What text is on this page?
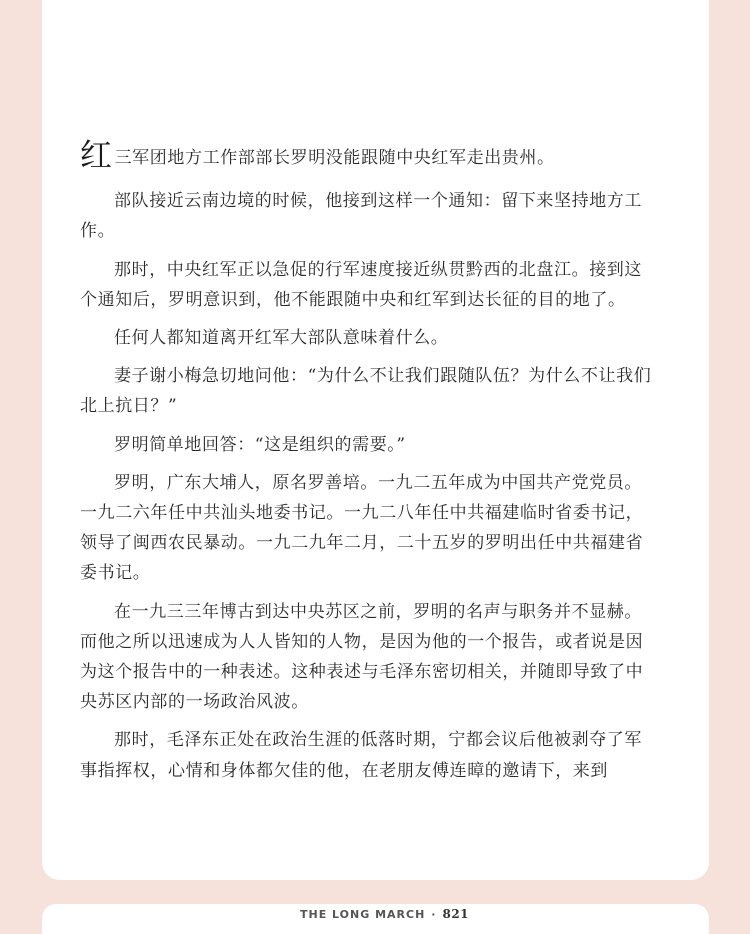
红三军团地方工作部部长罗明没能跟随中央红军走出贵州。

部队接近云南边境的时候，他接到这样一个通知：留下来坚持地方工作。

那时，中央红军正以急促的行军速度接近纵贯黔西的北盘江。接到这个通知后，罗明意识到，他不能跟随中央和红军到达长征的目的地了。

任何人都知道离开红军大部队意味着什么。

妻子谢小梅急切地问他：“为什么不让我们跟随队伍？为什么不让我们北上抗日？”

罗明简单地回答：“这是组织的需要。”

罗明，广东大埔人，原名罗善培。一九二五年成为中国共产党党员。一九二六年任中共汕头地委书记。一九二八年任中共福建临时省委书记，领导了闽西农民暴动。一九二九年二月，二十五岁的罗明出任中共福建省委书记。

在一九三三年博古到达中央苏区之前，罗明的名声与职务并不显赫。而他之所以迅速成为人人皆知的人物，是因为他的一个报告，或者说是因为这个报告中的一种表述。这种表述与毛泽东密切相关，并随即导致了中央苏区内部的一场政治风波。

那时，毛泽东正处在政治生涯的低落时期，宁都会议后他被剥夺了军事指挥权，心情和身体都欠佳的他，在老朋友傅连暲的邀请下，来到

THE LONG MARCH · 821
